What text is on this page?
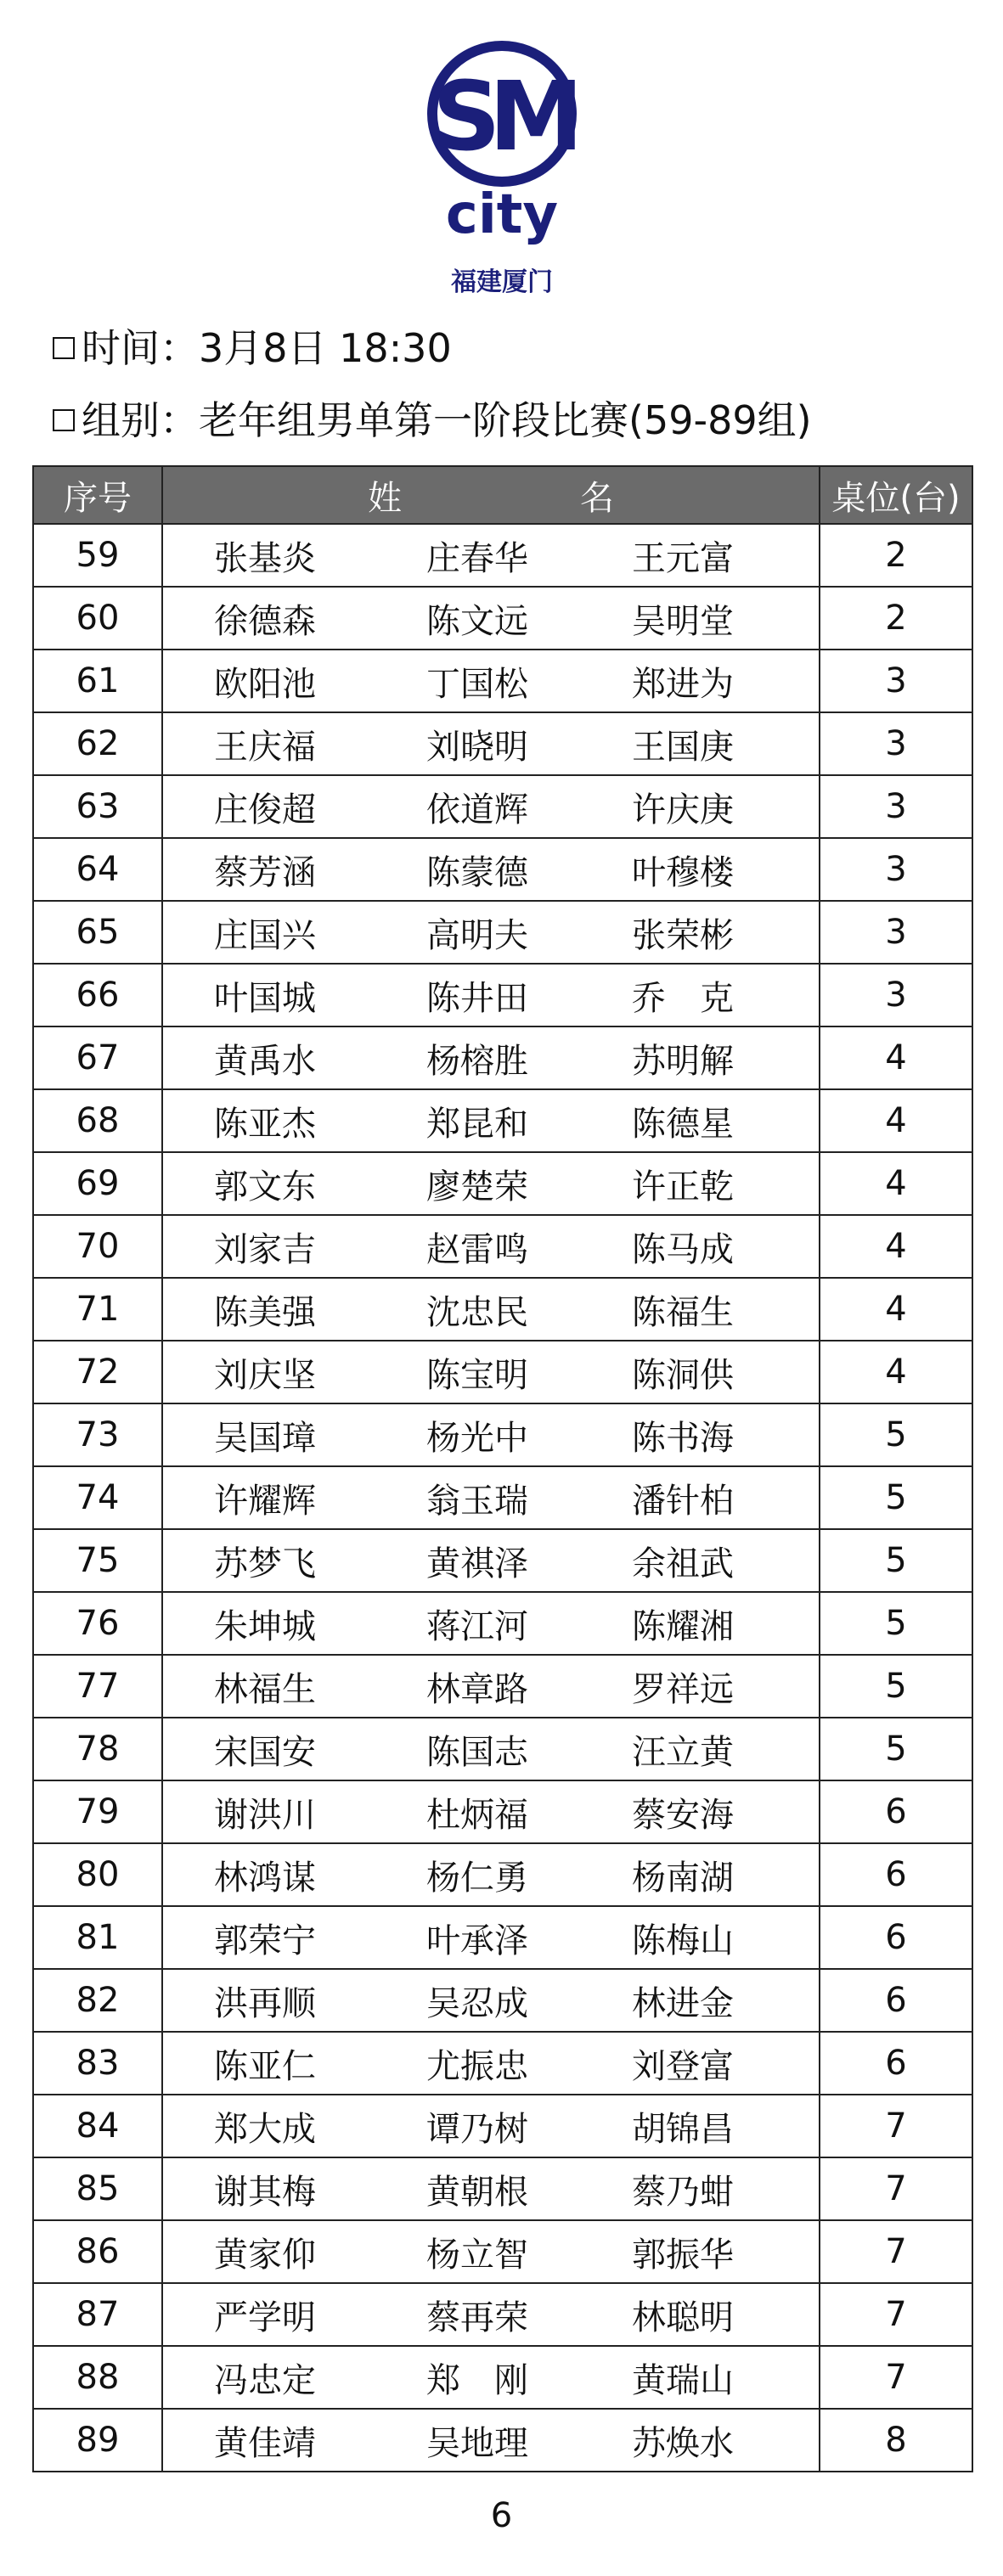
SM
city
福建厦门
时间： 3月8日 18:30
组别： 老年组男单第一阶段比赛(59-89组)
序号	姓 名	桌位(台)
59	张基炎 庄春华 王元富	2
60	徐德森 陈文远 吴明堂	2
61	欧阳池 丁国松 郑进为	3
62	王庆福 刘晓明 王国庚	3
63	庄俊超 依道辉 许庆庚	3
64	蔡芳涵 陈蒙德 叶穆楼	3
65	庄国兴 高明夫 张荣彬	3
66	叶国城 陈井田 乔　克	3
67	黄禹水 杨榕胜 苏明解	4
68	陈亚杰 郑昆和 陈德星	4
69	郭文东 廖楚荣 许正乾	4
70	刘家吉 赵雷鸣 陈马成	4
71	陈美强 沈忠民 陈福生	4
72	刘庆坚 陈宝明 陈洞供	4
73	吴国璋 杨光中 陈书海	5
74	许耀辉 翁玉瑞 潘针柏	5
75	苏梦飞 黄祺泽 余祖武	5
76	朱坤城 蒋江河 陈耀湘	5
77	林福生 林章路 罗祥远	5
78	宋国安 陈国志 汪立黄	5
79	谢洪川 杜炳福 蔡安海	6
80	林鸿谋 杨仁勇 杨南湖	6
81	郭荣宁 叶承泽 陈梅山	6
82	洪再顺 吴忍成 林进金	6
83	陈亚仁 尤振忠 刘登富	6
84	郑大成 谭乃树 胡锦昌	7
85	谢其梅 黄朝根 蔡乃蚶	7
86	黄家仰 杨立智 郭振华	7
87	严学明 蔡再荣 林聪明	7
88	冯忠定 郑　刚 黄瑞山	7
89	黄佳靖 吴地理 苏焕水	8
6
